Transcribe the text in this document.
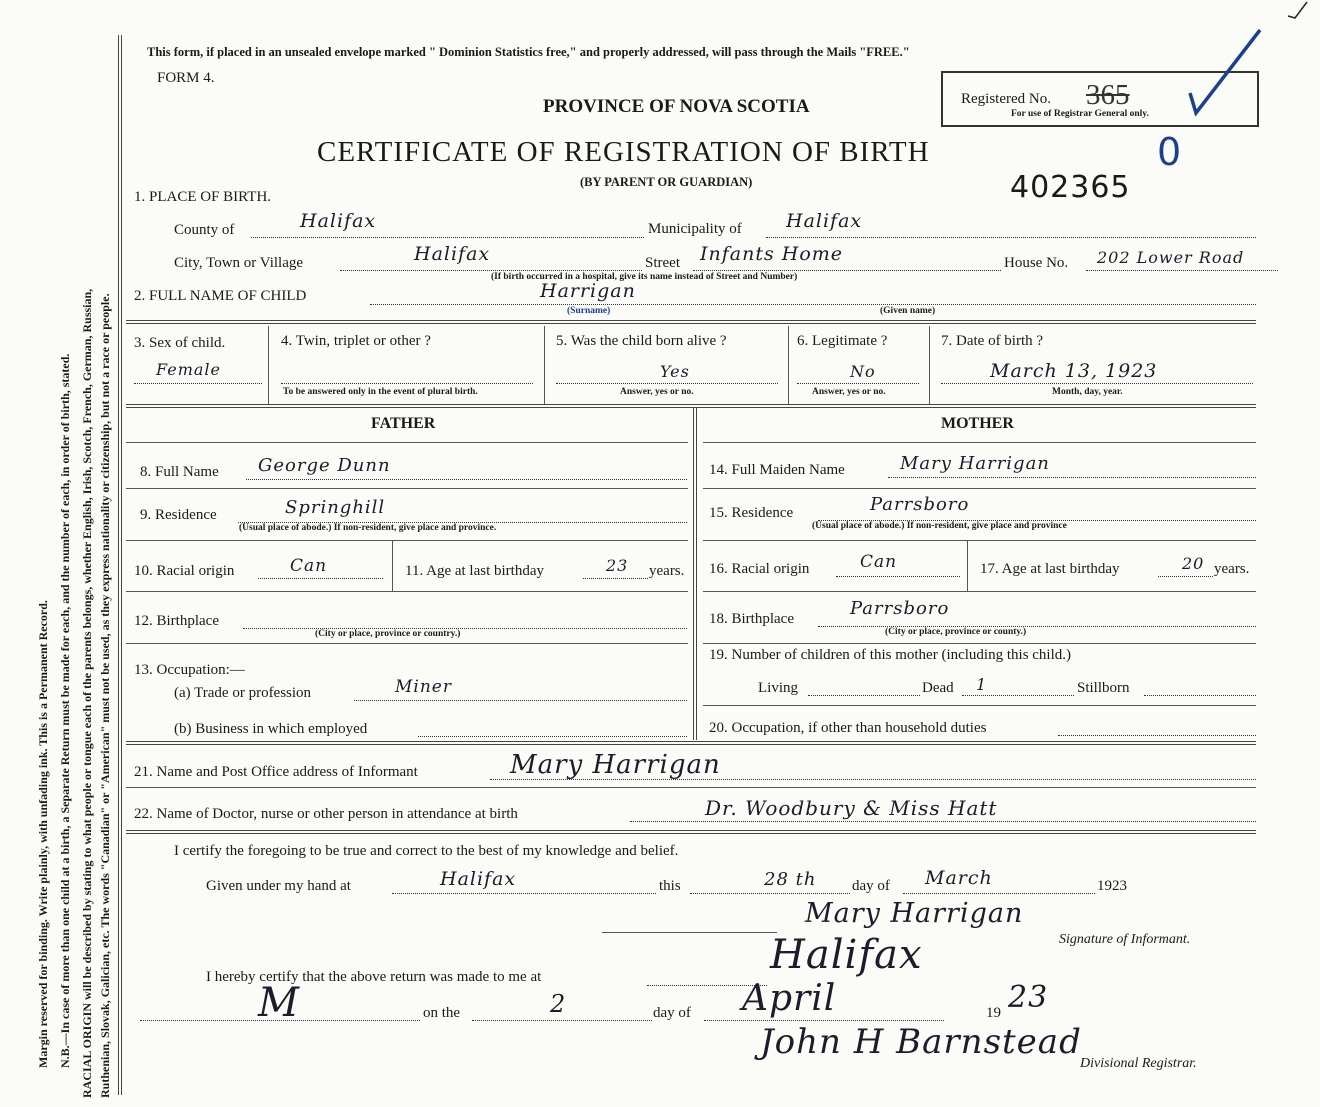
Margin reserved for binding. Write plainly, with unfading ink. This is a Permanent Record. N.B.—In case of more than one child at a birth, a Separate Return must be made for each, and the number of each, in order of birth, stated. RACIAL ORIGIN will be described by stating to what people or tongue each of the parents belongs, whether English, Irish, Scotch, French, German, Russian, Ruthenian, Slovak, Galician, etc. The words "Canadian" or "American" must not be used, as they express nationality or citizenship, but not a race or people.
This form, if placed in an unsealed envelope marked " Dominion Statistics free," and properly addressed, will pass through the Mails "FREE."
FORM 4.
PROVINCE OF NOVA SCOTIA
CERTIFICATE OF REGISTRATION OF BIRTH
(BY PARENT OR GUARDIAN)
Registered No. 365
For use of Registrar General only.
0
402365
1. PLACE OF BIRTH.
County of	Halifax	Municipality of Halifax
City, Town or Village	Halifax	Street Infants Home
(If birth occurred in a hospital, give its name instead of Street and Number)
House No. 202 Lower Road
2. FULL NAME OF CHILD	Harrigan
(Surname)	(Given name)
3. Sex of child.
Female
4. Twin, triplet or other ?
To be answered only in the event of plural birth.
5. Was the child born alive ?
Yes
Answer, yes or no.
6. Legitimate ?
No
Answer, yes or no.
7. Date of birth ?
March 13, 1923
Month, day, year.
FATHER
8. Full Name George Dunn
9. Residence	Springhill
(Usual place of abode.) If non-resident, give place and province.
10. Racial origin	Can	11. Age at last birthday	23 years.
12. Birthplace
(City or place, province or country.)
13. Occupation:—
(a) Trade or profession	Miner
(b) Business in which employed
MOTHER
14. Full Maiden Name	Mary Harrigan
15. Residence	Parrsboro
(Usual place of abode.) If non-resident, give place and province
16. Racial origin	Can	17. Age at last birthday	20 years.
18. Birthplace	Parrsboro
(City or place, province or county.)
19. Number of children of this mother (including this child.)
Living	Dead 1	Stillborn
20. Occupation, if other than household duties
21. Name and Post Office address of Informant	Mary Harrigan
22. Name of Doctor, nurse or other person in attendance at birth	Dr. Woodbury & Miss Hatt
I certify the foregoing to be true and correct to the best of my knowledge and belief.
Given under my hand at	Halifax	this	28 th day of March	1923
Mary Harrigan
Signature of Informant.
I hereby certify that the above return was made to me at	Halifax
M	on the	2	day of April	19 23
John H Barnstead
Divisional Registrar.
